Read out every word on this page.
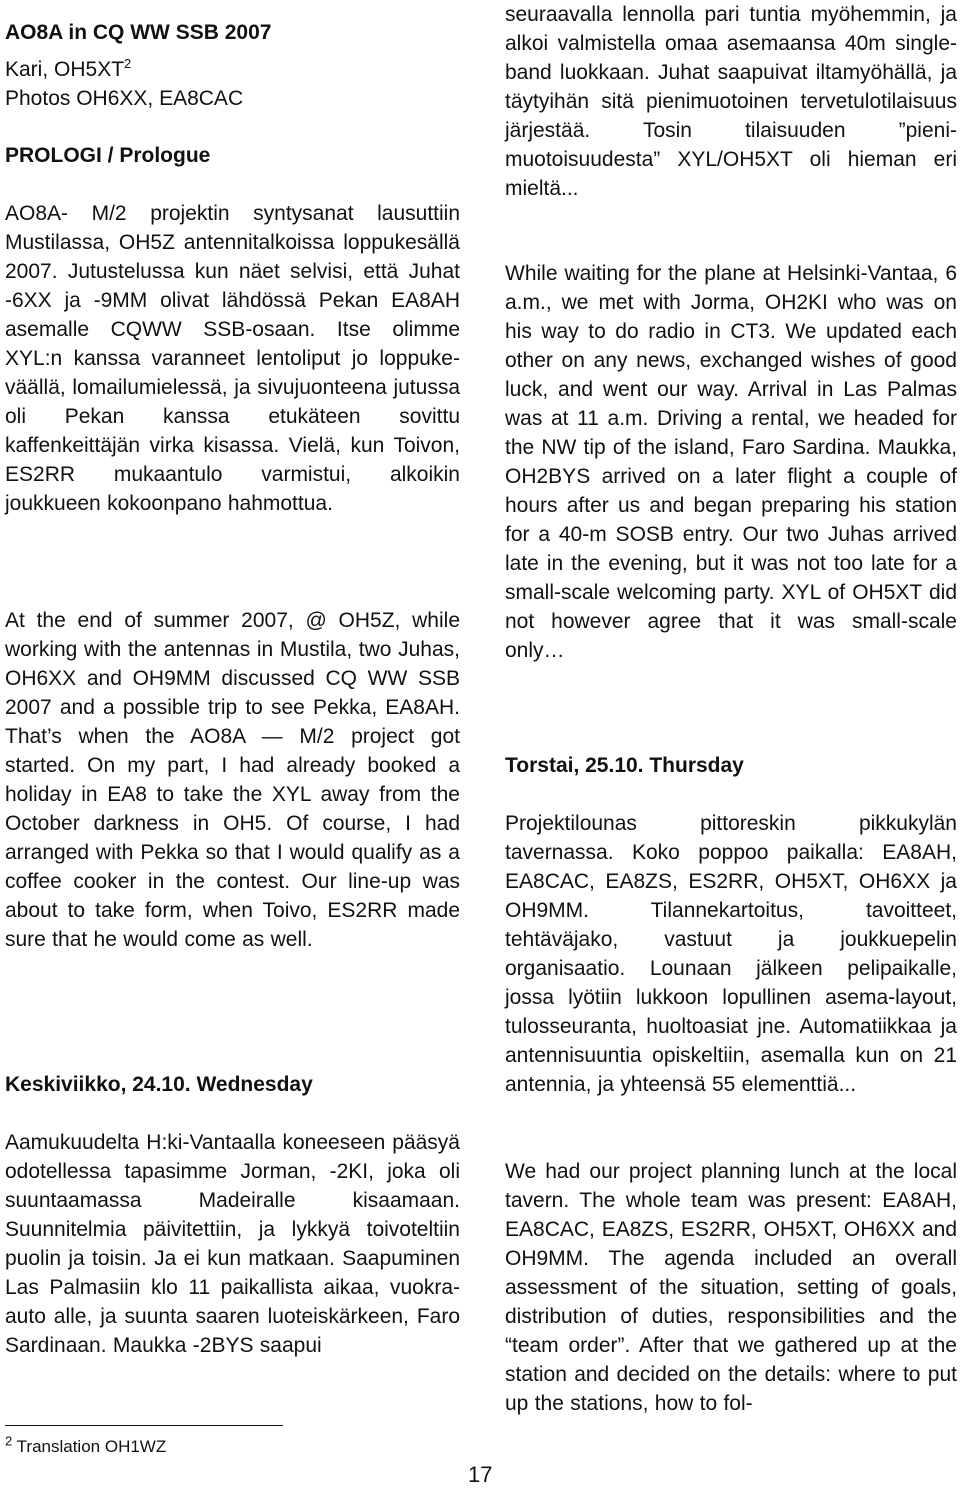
AO8A in CQ WW SSB 2007
Kari, $OH5XT^2$
Photos OH6XX, EA8CAC
PROLOGI / Prologue

AO8A- M/2 projektin syntysanat lausuttiin Mustilassa, OH5Z antennitalkoissa loppukesällä 2007. Jutustelussa kun näet selvisi, että Juhat -6XX ja -9MM olivat lähdössä Pekan EA8AH asemalle CQWW SSB-osaan. Itse olimme XYL:n kanssa varanneet lentoliput jo loppukeväällä, lomailumielessä, ja sivujuonteena jutussa oli Pekan kanssa etukäteen sovittu kaffenkeittäjän virka kisassa. Vielä, kun Toivon, ES2RR mukaantulo varmistui, alkoikin joukkueen kokoonpano hahmottua.

At the end of summer 2007, @ OH5Z, while working with the antennas in Mustila, two Juhas, OH6XX and OH9MM discussed CQ WW SSB 2007 and a possible trip to see Pekka, EA8AH. That’s when the AO8A — M/2 project got started. On my part, I had already booked a holiday in EA8 to take the XYL away from the October darkness in OH5. Of course, I had arranged with Pekka so that I would qualify as a coffee cooker in the contest. Our line-up was about to take form, when Toivo, ES2RR made sure that he would come as well.

Keskiviikko, 24.10. Wednesday

Aamukuudelta H:ki-Vantaalla koneeseen pääsyä odotellessa tapasimme Jorman, -2KI, joka oli suuntaamassa Madeiralle kisaamaan. Suunnitelmia päivitettiin, ja lykkyä toivoteltiin puolin ja toisin. Ja ei kun matkaan. Saapuminen Las Palmasiin klo 11 paikallista aikaa, vuokra-auto alle, ja suunta saaren luoteiskärkeen, Faro Sardinaan. Maukka -2BYS saapui

seuraavalla lennolla pari tuntia myöhemmin, ja alkoi valmistella omaa asemaansa 40m single-band luokkaan. Juhat saapuivat iltamyöhällä, ja täytyihän sitä pienimuotoinen tervetulotilaisuus järjestää. Tosin tilaisuuden ”pienimuotoisuudesta” XYL/OH5XT oli hieman eri mieltä...

While waiting for the plane at Helsinki-Vantaa, 6 a.m., we met with Jorma, OH2KI who was on his way to do radio in CT3. We updated each other on any news, exchanged wishes of good luck, and went our way. Arrival in Las Palmas was at 11 a.m. Driving a rental, we headed for the NW tip of the island, Faro Sardina. Maukka, OH2BYS arrived on a later flight a couple of hours after us and began preparing his station for a 40-m SOSB entry. Our two Juhas arrived late in the evening, but it was not too late for a small-scale welcoming party. XYL of OH5XT did not however agree that it was small-scale only…

Torstai, 25.10. Thursday

Projektilounas pittoreskin pikkukylän tavernassa. Koko poppoo paikalla: EA8AH, EA8CAC, EA8ZS, ES2RR, OH5XT, OH6XX ja OH9MM. Tilannekartoitus, tavoitteet, tehtäväjako, vastuut ja joukkuepelin organisaatio. Lounaan jälkeen pelipaikalle, jossa lyötiin lukkoon lopullinen asema-layout, tulosseuranta, huoltoasiat jne. Automatiikkaa ja antennisuuntia opiskeltiin, asemalla kun on 21 antennia, ja yhteensä 55 elementtiä...

We had our project planning lunch at the local tavern. The whole team was present: EA8AH, EA8CAC, EA8ZS, ES2RR, OH5XT, OH6XX and OH9MM. The agenda included an overall assessment of the situation, setting of goals, distribution of duties, responsibilities and the “team order”. After that we gathered up at the station and decided on the details: where to put up the stations, how to fol-

$^2$ Translation OH1WZ
17
